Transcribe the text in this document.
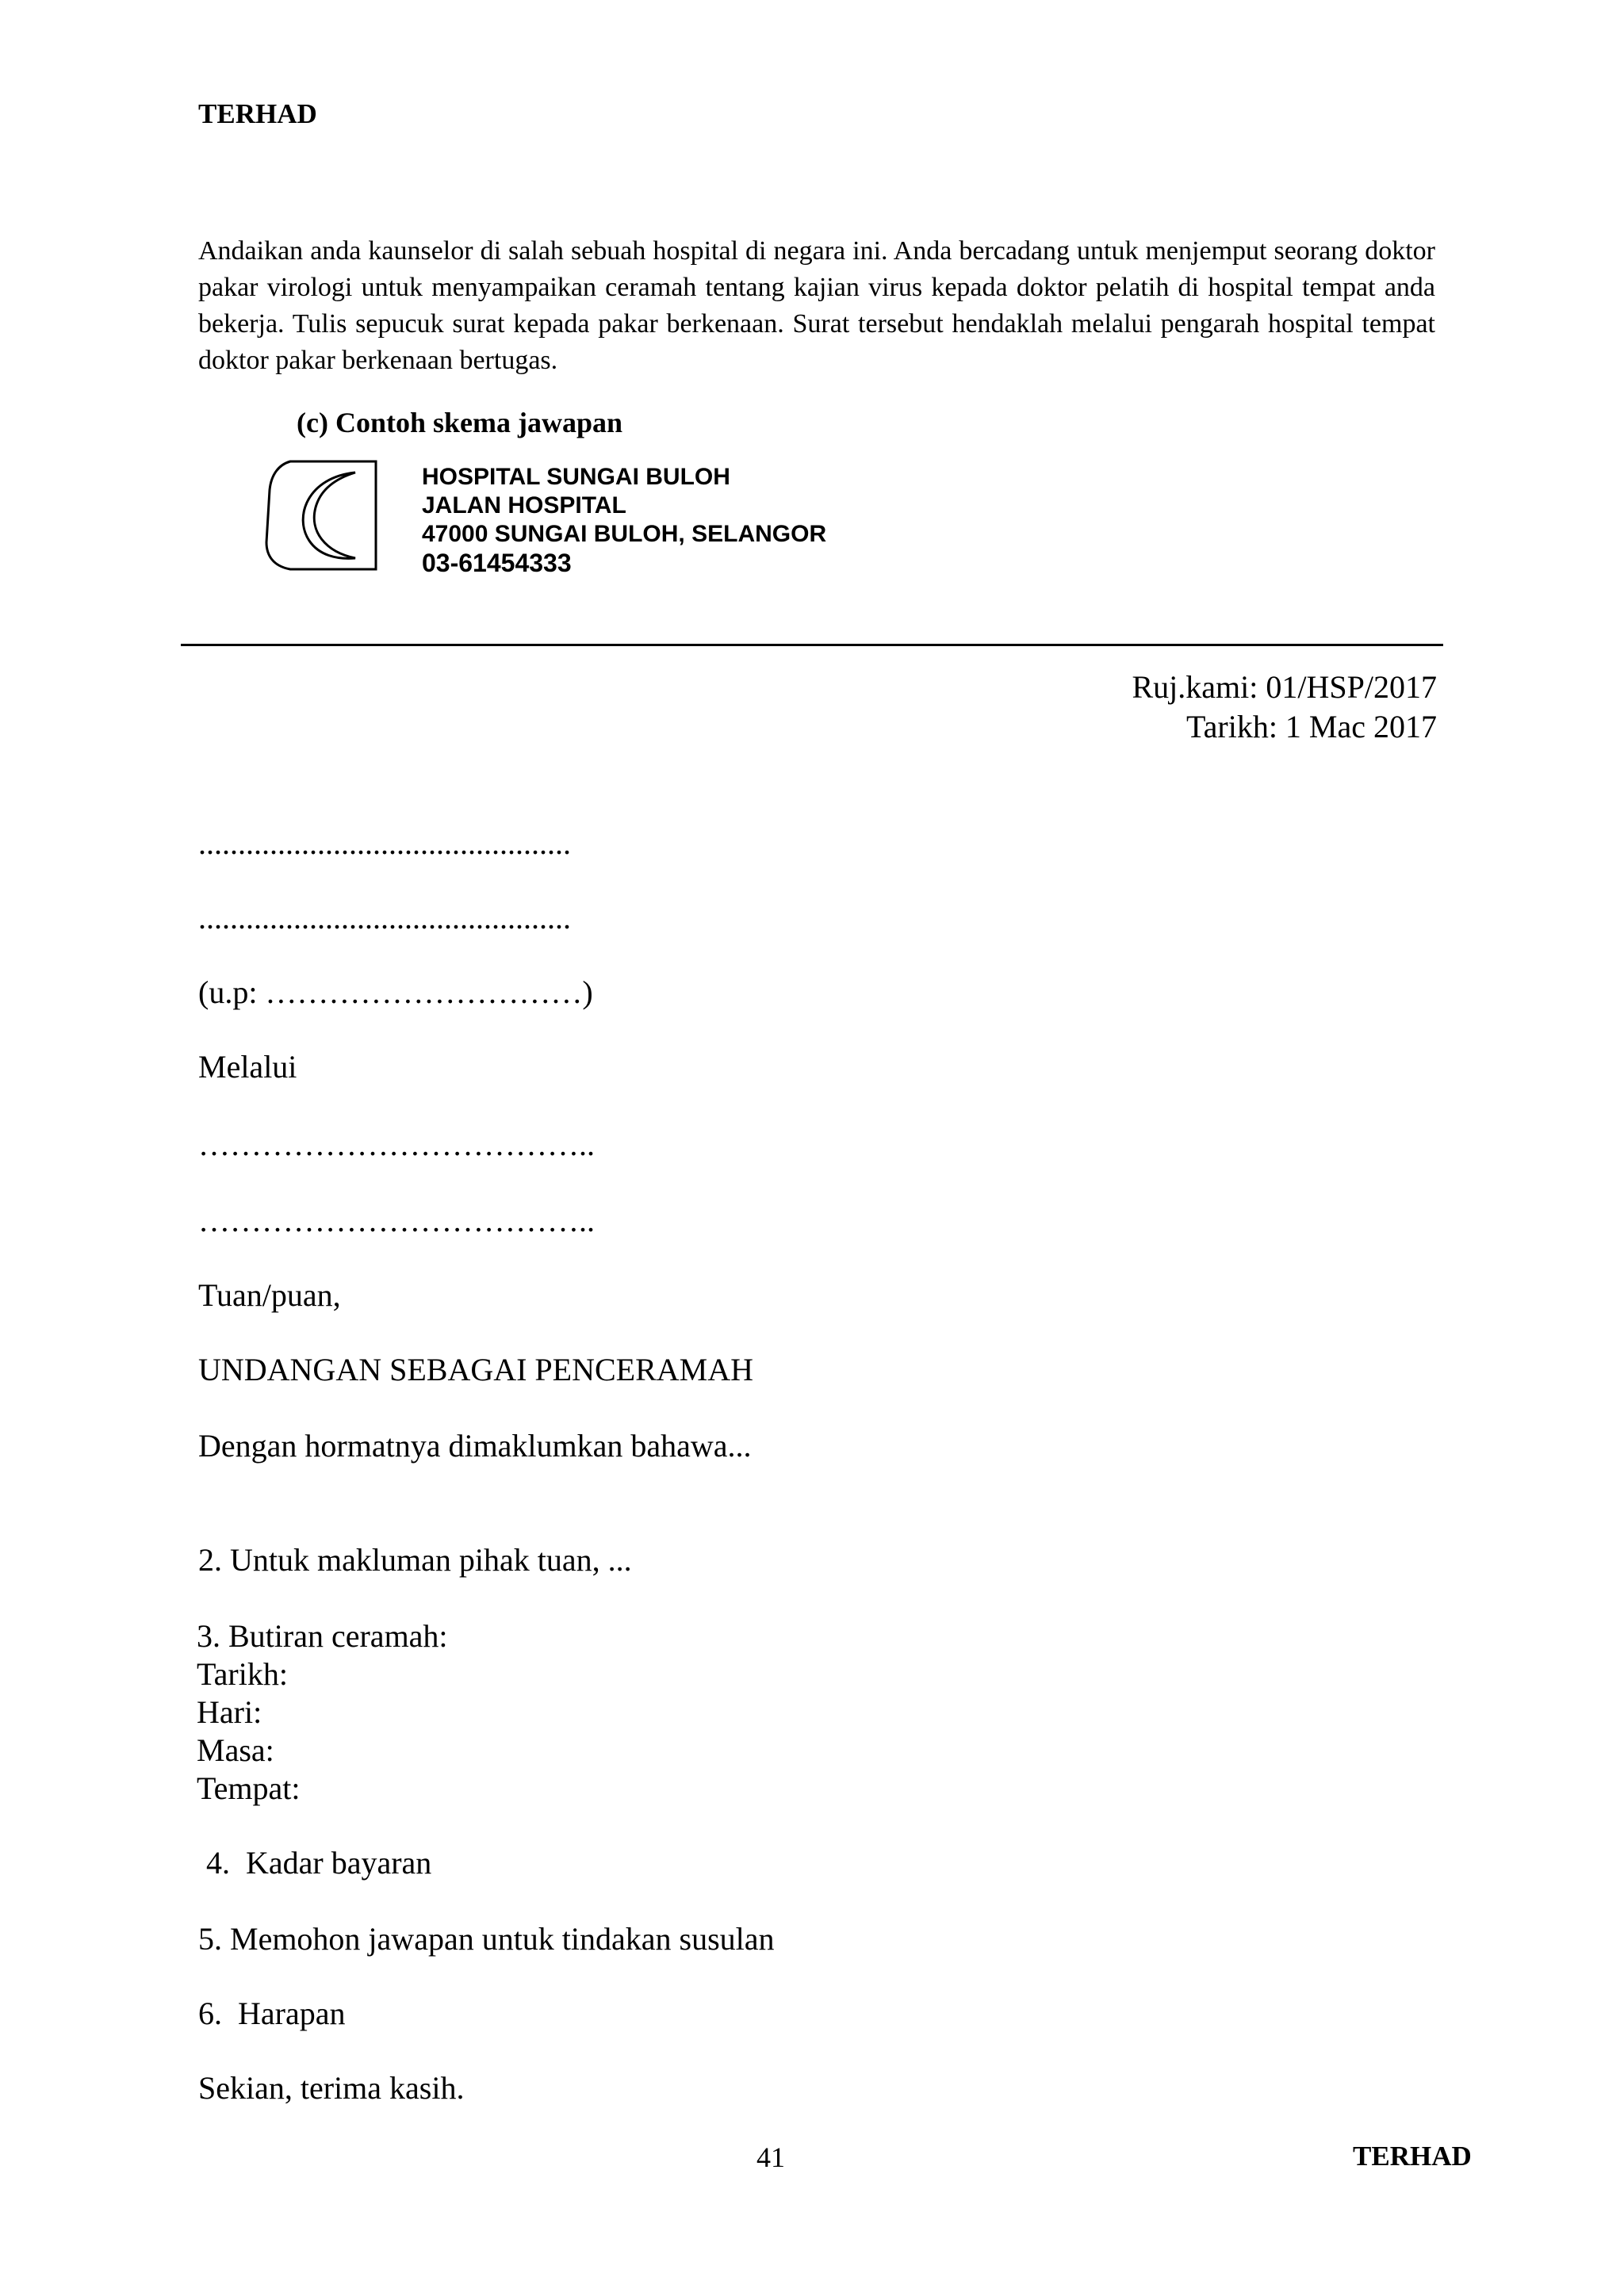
TERHAD
Andaikan anda kaunselor di salah sebuah hospital di negara ini. Anda bercadang untuk menjemput seorang doktor pakar virologi untuk menyampaikan ceramah tentang kajian virus kepada doktor pelatih di hospital tempat anda bekerja. Tulis sepucuk surat kepada pakar berkenaan. Surat tersebut hendaklah melalui pengarah hospital tempat doktor pakar berkenaan bertugas.
(c) Contoh skema jawapan
HOSPITAL SUNGAI BULOH
JALAN HOSPITAL
47000 SUNGAI BULOH, SELANGOR
03-61454333
Ruj.kami: 01/HSP/2017
Tarikh: 1 Mac 2017
...............................................
...............................................
(u.p: …………………………)
Melalui
………………………………..
………………………………..
Tuan/puan,
UNDANGAN SEBAGAI PENCERAMAH
Dengan hormatnya dimaklumkan bahawa...
2. Untuk makluman pihak tuan, ...
3. Butiran ceramah:
Tarikh:
Hari:
Masa:
Tempat:
4.  Kadar bayaran
5. Memohon jawapan untuk tindakan susulan
6.  Harapan
Sekian, terima kasih.
41	TERHAD
